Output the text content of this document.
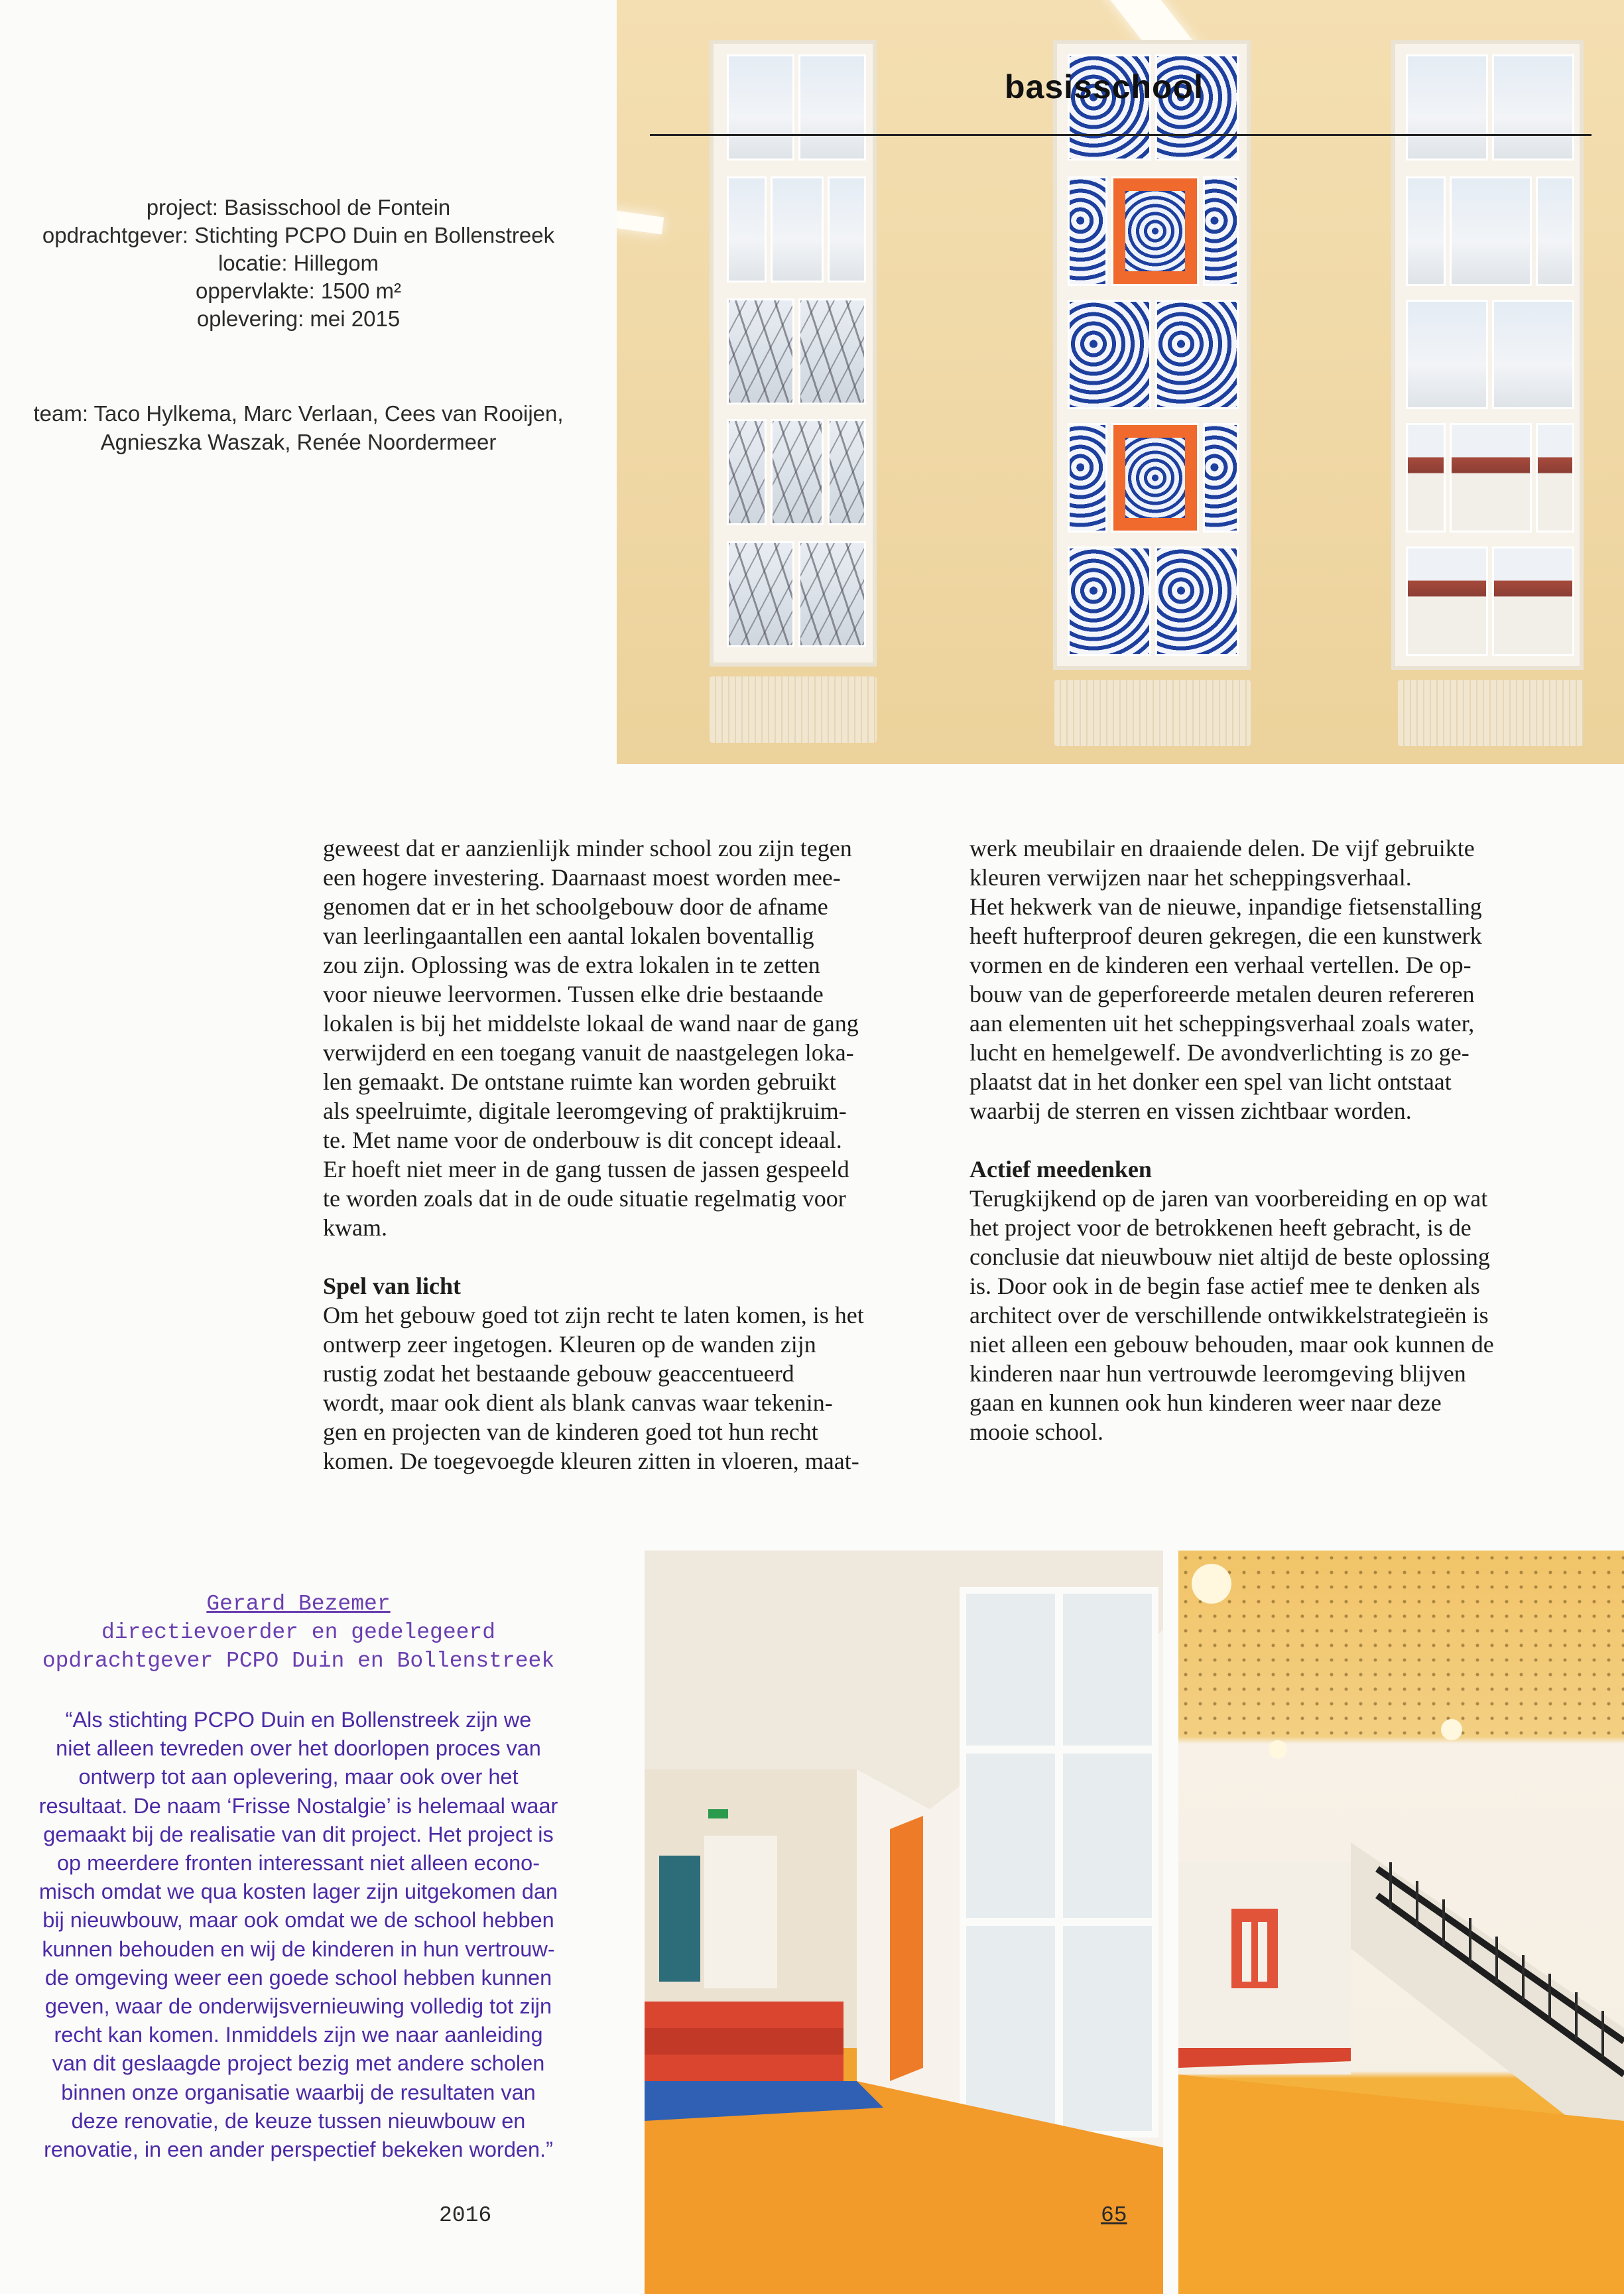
basisschool
project: Basisschool de Fontein
opdrachtgever: Stichting PCPO Duin en Bollenstreek
locatie: Hillegom
oppervlakte: 1500 m²
oplevering: mei 2015
team: Taco Hylkema, Marc Verlaan, Cees van Rooijen,
Agnieszka Waszak, Renée Noordermeer
geweest dat er aanzienlijk minder school zou zijn tegen
een hogere investering. Daarnaast moest worden mee-
genomen dat er in het schoolgebouw door de afname
van leerlingaantallen een aantal lokalen boventallig
zou zijn. Oplossing was de extra lokalen in te zetten
voor nieuwe leervormen. Tussen elke drie bestaande
lokalen is bij het middelste lokaal de wand naar de gang
verwijderd en een toegang vanuit de naastgelegen loka-
len gemaakt. De ontstane ruimte kan worden gebruikt
als speelruimte, digitale leeromgeving of praktijkruim-
te. Met name voor de onderbouw is dit concept ideaal.
Er hoeft niet meer in de gang tussen de jassen gespeeld
te worden zoals dat in de oude situatie regelmatig voor
kwam.
Spel van licht
Om het gebouw goed tot zijn recht te laten komen, is het
ontwerp zeer ingetogen. Kleuren op de wanden zijn
rustig zodat het bestaande gebouw geaccentueerd
wordt, maar ook dient als blank canvas waar tekenin-
gen en projecten van de kinderen goed tot hun recht
komen. De toegevoegde kleuren zitten in vloeren, maat-
werk meubilair en draaiende delen. De vijf gebruikte
kleuren verwijzen naar het scheppingsverhaal.
Het hekwerk van de nieuwe, inpandige fietsenstalling
heeft hufterproof deuren gekregen, die een kunstwerk
vormen en de kinderen een verhaal vertellen. De op-
bouw van de geperforeerde metalen deuren refereren
aan elementen uit het scheppingsverhaal zoals water,
lucht en hemelgewelf. De avondverlichting is zo ge-
plaatst dat in het donker een spel van licht ontstaat
waarbij de sterren en vissen zichtbaar worden.
Actief meedenken
Terugkijkend op de jaren van voorbereiding en op wat
het project voor de betrokkenen heeft gebracht, is de
conclusie dat nieuwbouw niet altijd de beste oplossing
is. Door ook in de begin fase actief mee te denken als
architect over de verschillende ontwikkelstrategieën is
niet alleen een gebouw behouden, maar ook kunnen de
kinderen naar hun vertrouwde leeromgeving blijven
gaan en kunnen ook hun kinderen weer naar deze
mooie school.
Gerard Bezemer
directievoerder en gedelegeerd
opdrachtgever PCPO Duin en Bollenstreek
“Als stichting PCPO Duin en Bollenstreek zijn we
niet alleen tevreden over het doorlopen proces van
ontwerp tot aan oplevering, maar ook over het
resultaat. De naam ‘Frisse Nostalgie’ is helemaal waar
gemaakt bij de realisatie van dit project. Het project is
op meerdere fronten interessant niet alleen econo-
misch omdat we qua kosten lager zijn uitgekomen dan
bij nieuwbouw, maar ook omdat we de school hebben
kunnen behouden en wij de kinderen in hun vertrouw-
de omgeving weer een goede school hebben kunnen
geven, waar de onderwijsvernieuwing volledig tot zijn
recht kan komen. Inmiddels zijn we naar aanleiding
van dit geslaagde project bezig met andere scholen
binnen onze organisatie waarbij de resultaten van
deze renovatie, de keuze tussen nieuwbouw en
renovatie, in een ander perspectief bekeken worden.”
2016	65
